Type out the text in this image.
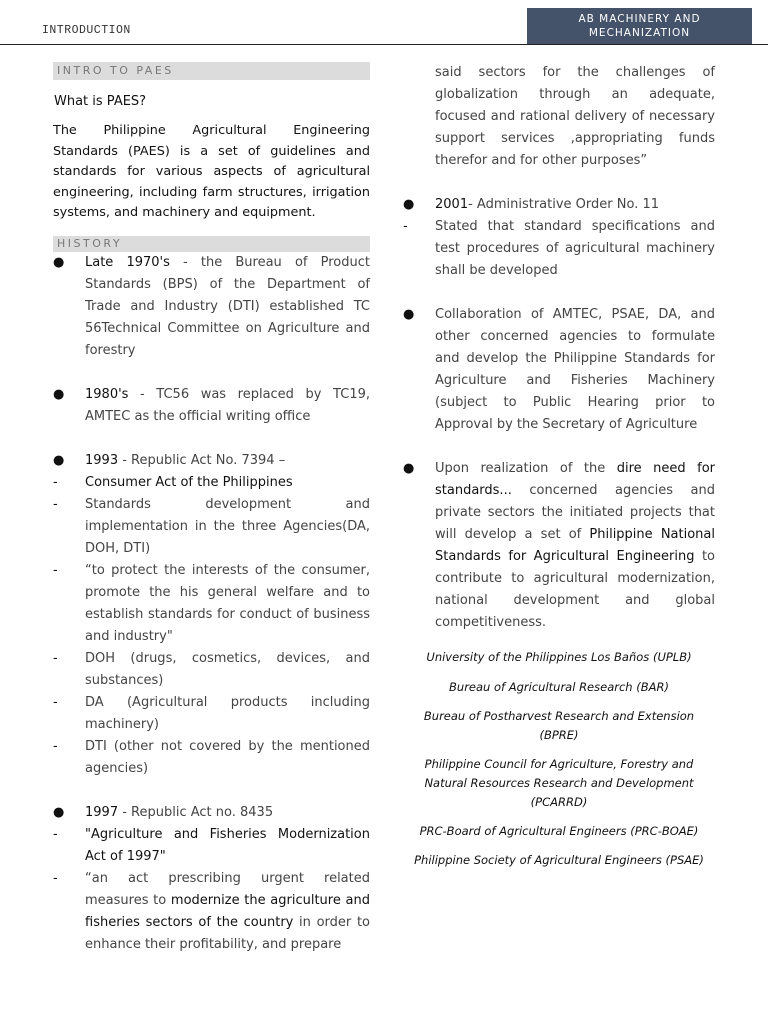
INTRODUCTION
AB MACHINERY AND
MECHANIZATION
INTRO TO PAES
What is PAES?

The Philippine Agricultural Engineering Standards (PAES) is a set of guidelines and standards for various aspects of agricultural engineering, including farm structures, irrigation systems, and machinery and equipment.

HISTORY
●	Late 1970's - the Bureau of Product Standards (BPS) of the Department of Trade and Industry (DTI) established TC 56Technical Committee on Agriculture and forestry
●	1980's - TC56 was replaced by TC19, AMTEC as the official writing office
●	1993 - Republic Act No. 7394 –
-	Consumer Act of the Philippines
-	Standards development and implementation in the three Agencies(DA, DOH, DTI)
-	“to protect the interests of the consumer, promote the his general welfare and to establish standards for conduct of business and industry"
-	DOH (drugs, cosmetics, devices, and substances)
-	DA (Agricultural products including machinery)
-	DTI (other not covered by the mentioned agencies)
●	1997 - Republic Act no. 8435
-	"Agriculture and Fisheries Modernization Act of 1997"
-	“an act prescribing urgent related measures to modernize the agriculture and fisheries sectors of the country in order to enhance their profitability, and prepare
said sectors for the challenges of globalization through an adequate, focused and rational delivery of necessary support services ,appropriating funds therefor and for other purposes”
●	2001- Administrative Order No. 11
-	Stated that standard specifications and test procedures of agricultural machinery shall be developed
●	Collaboration of AMTEC, PSAE, DA, and other concerned agencies to formulate and develop the Philippine Standards for Agriculture and Fisheries Machinery (subject to Public Hearing prior to Approval by the Secretary of Agriculture
●	Upon realization of the dire need for standards... concerned agencies and private sectors the initiated projects that will develop a set of Philippine National Standards for Agricultural Engineering to contribute to agricultural modernization, national development and global competitiveness.
University of the Philippines Los Baños (UPLB)
Bureau of Agricultural Research (BAR)
Bureau of Postharvest Research and Extension (BPRE)
Philippine Council for Agriculture, Forestry and Natural Resources Research and Development (PCARRD)
PRC-Board of Agricultural Engineers (PRC-BOAE)
Philippine Society of Agricultural Engineers (PSAE)
